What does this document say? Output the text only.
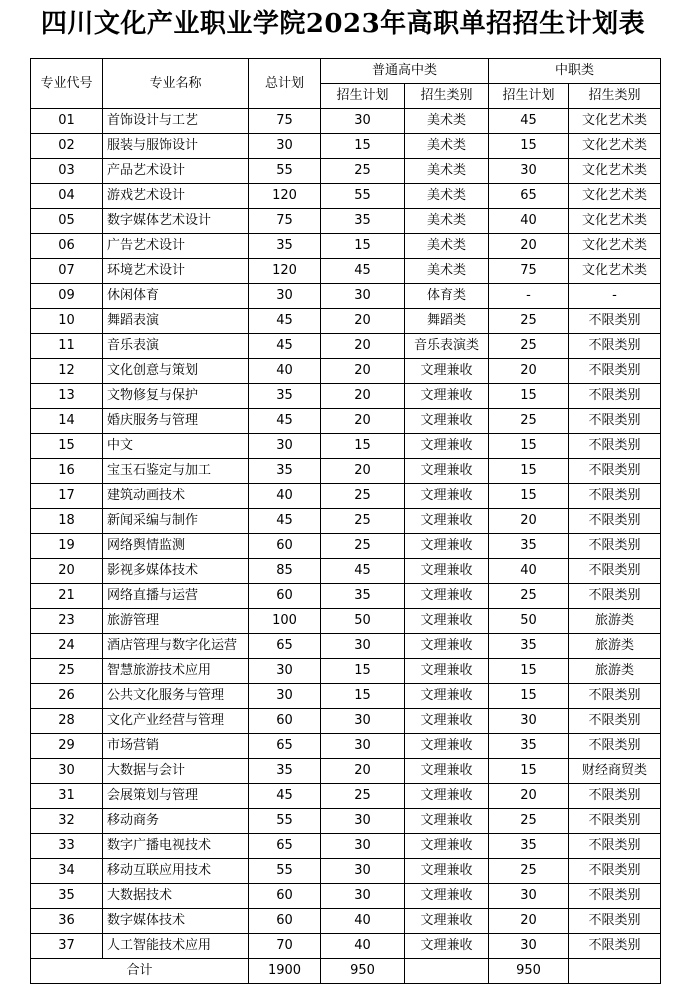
四川文化产业职业学院2023年高职单招招生计划表
专业代号	专业名称	总计划	普通高中类		中职类	
			招生计划	招生类别	招生计划	招生类别
01	首饰设计与工艺	75	30	美术类	45	文化艺术类
02	服装与服饰设计	30	15	美术类	15	文化艺术类
03	产品艺术设计	55	25	美术类	30	文化艺术类
04	游戏艺术设计	120	55	美术类	65	文化艺术类
05	数字媒体艺术设计	75	35	美术类	40	文化艺术类
06	广告艺术设计	35	15	美术类	20	文化艺术类
07	环境艺术设计	120	45	美术类	75	文化艺术类
09	休闲体育	30	30	体育类	-	-
10	舞蹈表演	45	20	舞蹈类	25	不限类别
11	音乐表演	45	20	音乐表演类	25	不限类别
12	文化创意与策划	40	20	文理兼收	20	不限类别
13	文物修复与保护	35	20	文理兼收	15	不限类别
14	婚庆服务与管理	45	20	文理兼收	25	不限类别
15	中文	30	15	文理兼收	15	不限类别
16	宝玉石鉴定与加工	35	20	文理兼收	15	不限类别
17	建筑动画技术	40	25	文理兼收	15	不限类别
18	新闻采编与制作	45	25	文理兼收	20	不限类别
19	网络舆情监测	60	25	文理兼收	35	不限类别
20	影视多媒体技术	85	45	文理兼收	40	不限类别
21	网络直播与运营	60	35	文理兼收	25	不限类别
23	旅游管理	100	50	文理兼收	50	旅游类
24	酒店管理与数字化运营	65	30	文理兼收	35	旅游类
25	智慧旅游技术应用	30	15	文理兼收	15	旅游类
26	公共文化服务与管理	30	15	文理兼收	15	不限类别
28	文化产业经营与管理	60	30	文理兼收	30	不限类别
29	市场营销	65	30	文理兼收	35	不限类别
30	大数据与会计	35	20	文理兼收	15	财经商贸类
31	会展策划与管理	45	25	文理兼收	20	不限类别
32	移动商务	55	30	文理兼收	25	不限类别
33	数字广播电视技术	65	30	文理兼收	35	不限类别
34	移动互联应用技术	55	30	文理兼收	25	不限类别
35	大数据技术	60	30	文理兼收	30	不限类别
36	数字媒体技术	60	40	文理兼收	20	不限类别
37	人工智能技术应用	70	40	文理兼收	30	不限类别
合计		1900	950		950	
